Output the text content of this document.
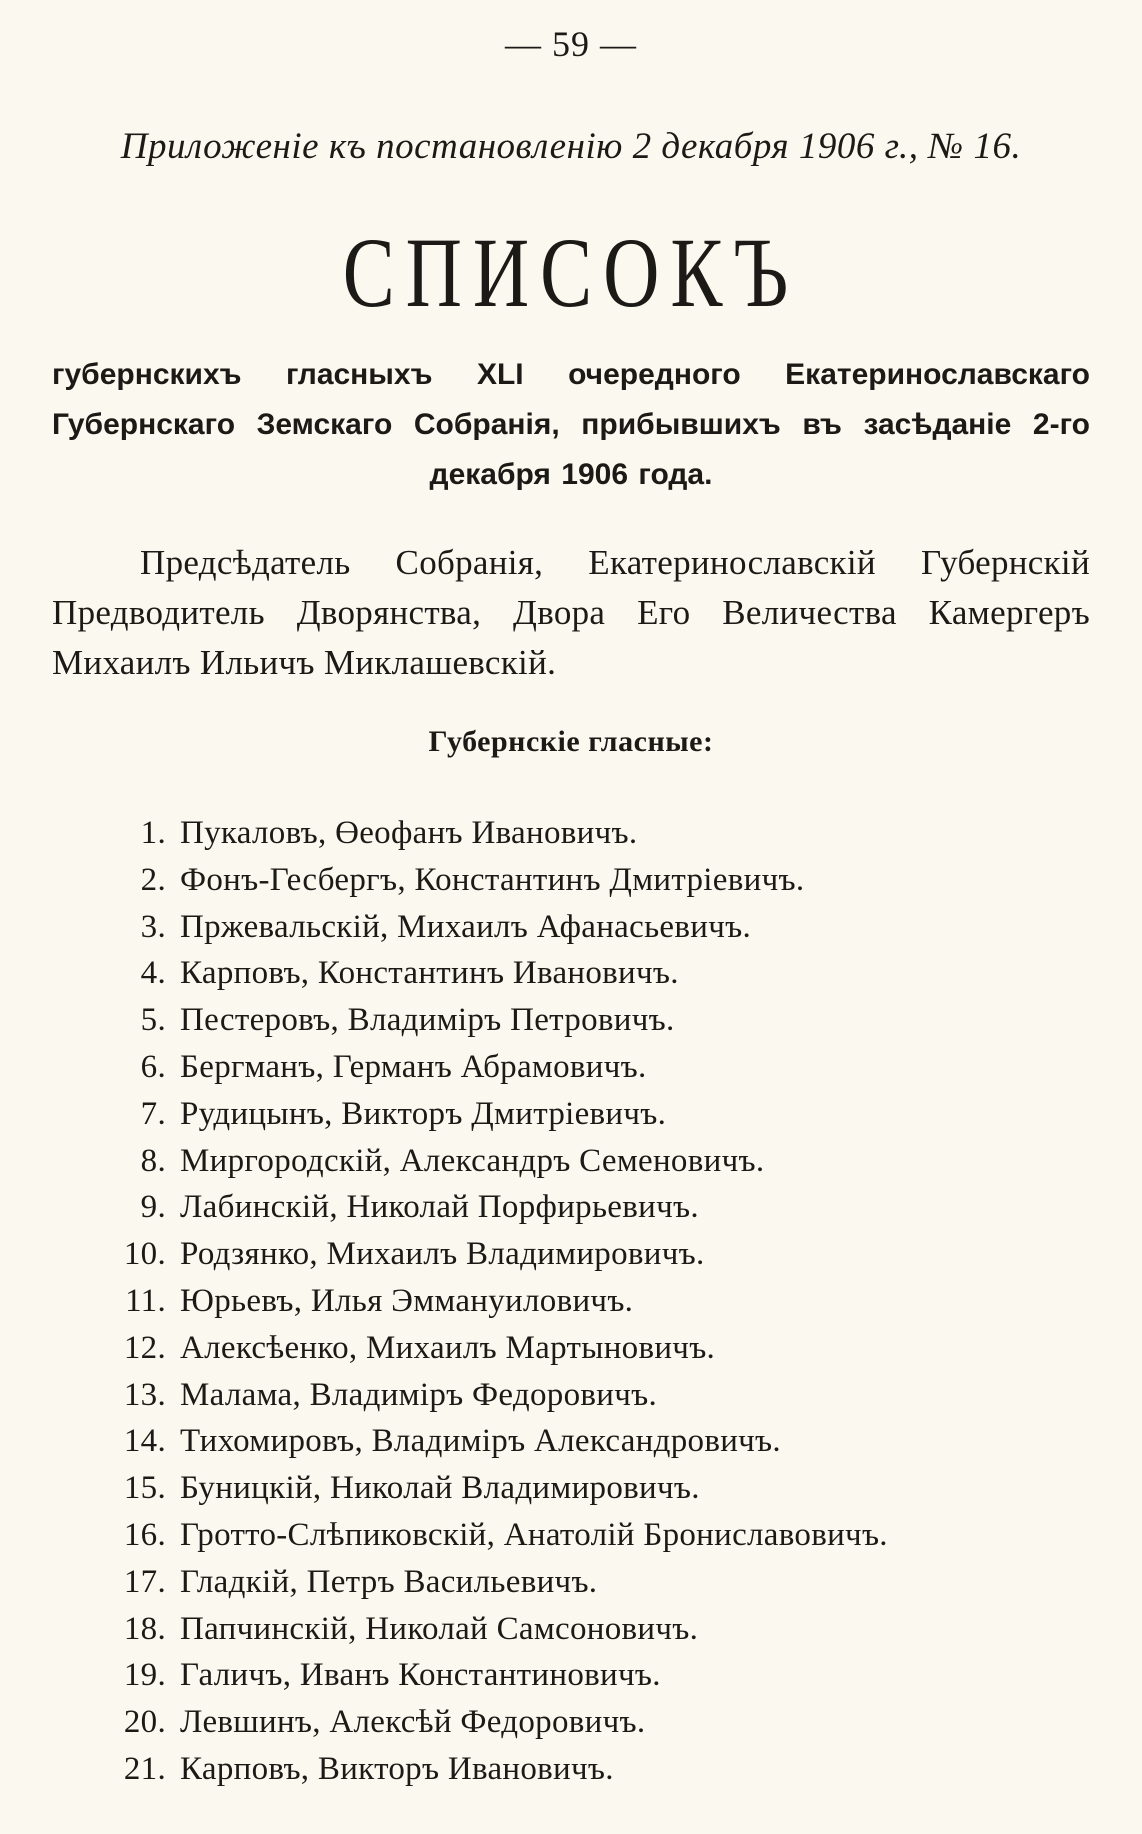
— 59 —
Приложеніе къ постановленію 2 декабря 1906 г., № 16.
СПИСОКЪ
губернскихъ гласныхъ XLI очередного Екатеринославскаго Губернскаго Земскаго Собранія, прибывшихъ въ засѣданіе 2-го декабря 1906 года.

Предсѣдатель Собранія, Екатеринославскій Губернскій Предводитель Дворянства, Двора Его Величества Камергеръ Михаилъ Ильичъ Миклашевскій.

Губернскіе гласные:
1. Пукаловъ, Өеофанъ Ивановичъ.
2. Фонъ-Гесбергъ, Константинъ Дмитріевичъ.
3. Пржевальскій, Михаилъ Афанасьевичъ.
4. Карповъ, Константинъ Ивановичъ.
5. Пестеровъ, Владиміръ Петровичъ.
6. Бергманъ, Германъ Абрамовичъ.
7. Рудицынъ, Викторъ Дмитріевичъ.
8. Миргородскій, Александръ Семеновичъ.
9. Лабинскій, Николай Порфирьевичъ.
10. Родзянко, Михаилъ Владимировичъ.
11. Юрьевъ, Илья Эммануиловичъ.
12. Алексѣенко, Михаилъ Мартыновичъ.
13. Малама, Владиміръ Федоровичъ.
14. Тихомировъ, Владиміръ Александровичъ.
15. Буницкій, Николай Владимировичъ.
16. Гротто-Слѣпиковскій, Анатолій Брониславовичъ.
17. Гладкій, Петръ Васильевичъ.
18. Папчинскій, Николай Самсоновичъ.
19. Галичъ, Иванъ Константиновичъ.
20. Левшинъ, Алексѣй Федоровичъ.
21. Карповъ, Викторъ Ивановичъ.
